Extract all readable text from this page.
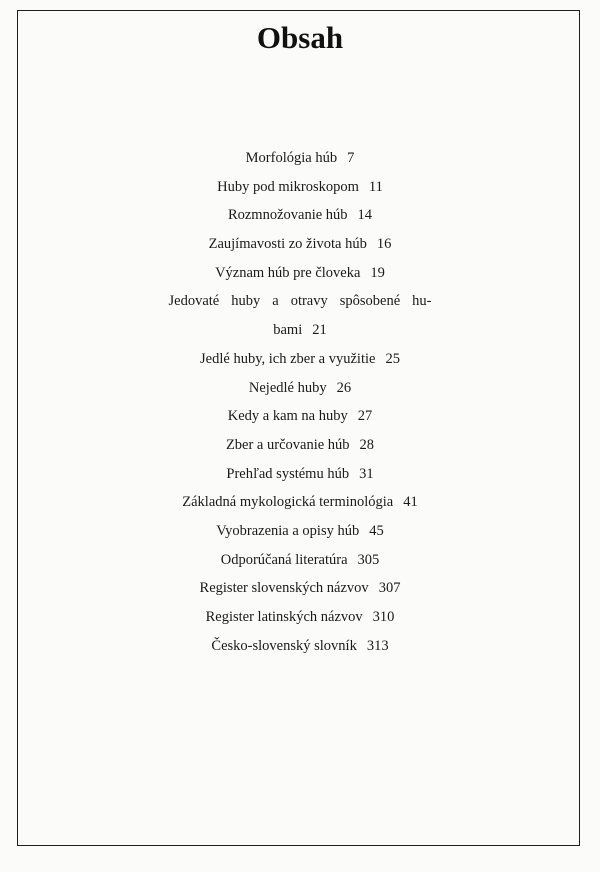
Obsah
Morfológia húb 7
Huby pod mikroskopom 11
Rozmnožovanie húb 14
Zaujímavosti zo života húb 16
Význam húb pre človeka 19
Jedovaté huby a otravy spôsobené hu-
bami 21
Jedlé huby, ich zber a využitie 25
Nejedlé huby 26
Kedy a kam na huby 27
Zber a určovanie húb 28
Prehľad systému húb 31
Základná mykologická terminológia 41
Vyobrazenia a opisy húb 45
Odporúčaná literatúra 305
Register slovenských názvov 307
Register latinských názvov 310
Česko-slovenský slovník 313
